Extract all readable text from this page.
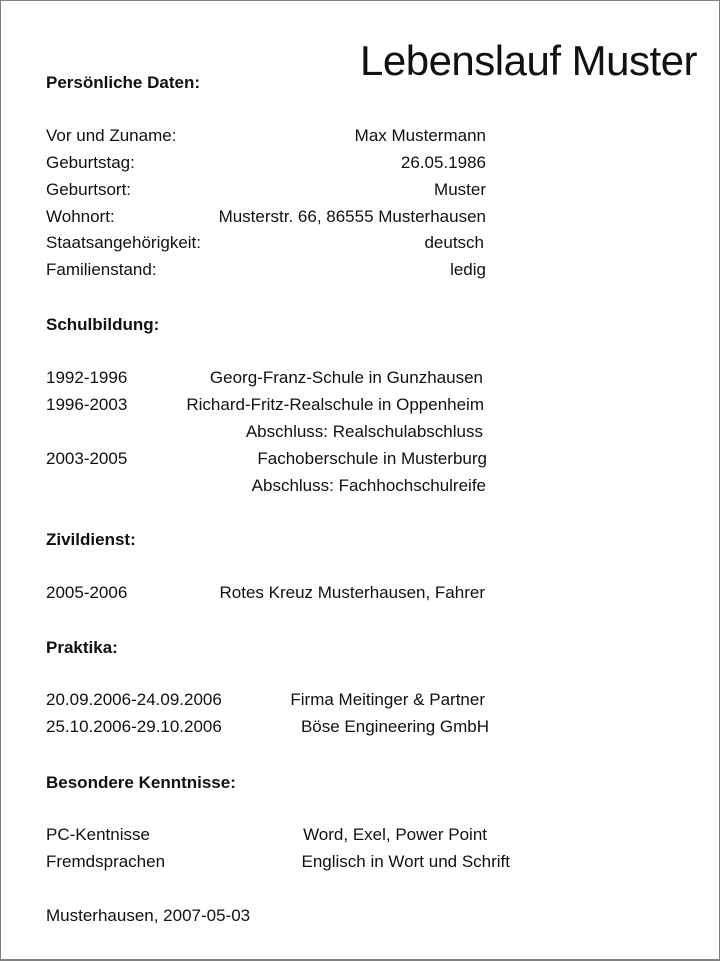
Lebenslauf Muster
Persönliche Daten:
Vor und Zuname:	Max Mustermann
Geburtstag:	26.05.1986
Geburtsort:	Muster
Wohnort:	Musterstr. 66, 86555 Musterhausen
Staatsangehörigkeit:	deutsch
Familienstand:	ledig
Schulbildung:
1992-1996	Georg-Franz-Schule in Gunzhausen
1996-2003	Richard-Fritz-Realschule in Oppenheim
Abschluss: Realschulabschluss
2003-2005	Fachoberschule in Musterburg
Abschluss: Fachhochschulreife
Zivildienst:
2005-2006	Rotes Kreuz Musterhausen, Fahrer
Praktika:
20.09.2006-24.09.2006	Firma Meitinger & Partner
25.10.2006-29.10.2006	Böse Engineering GmbH
Besondere Kenntnisse:
PC-Kentnisse	Word, Exel, Power Point
Fremdsprachen	Englisch in Wort und Schrift
Musterhausen, 2007-05-03
